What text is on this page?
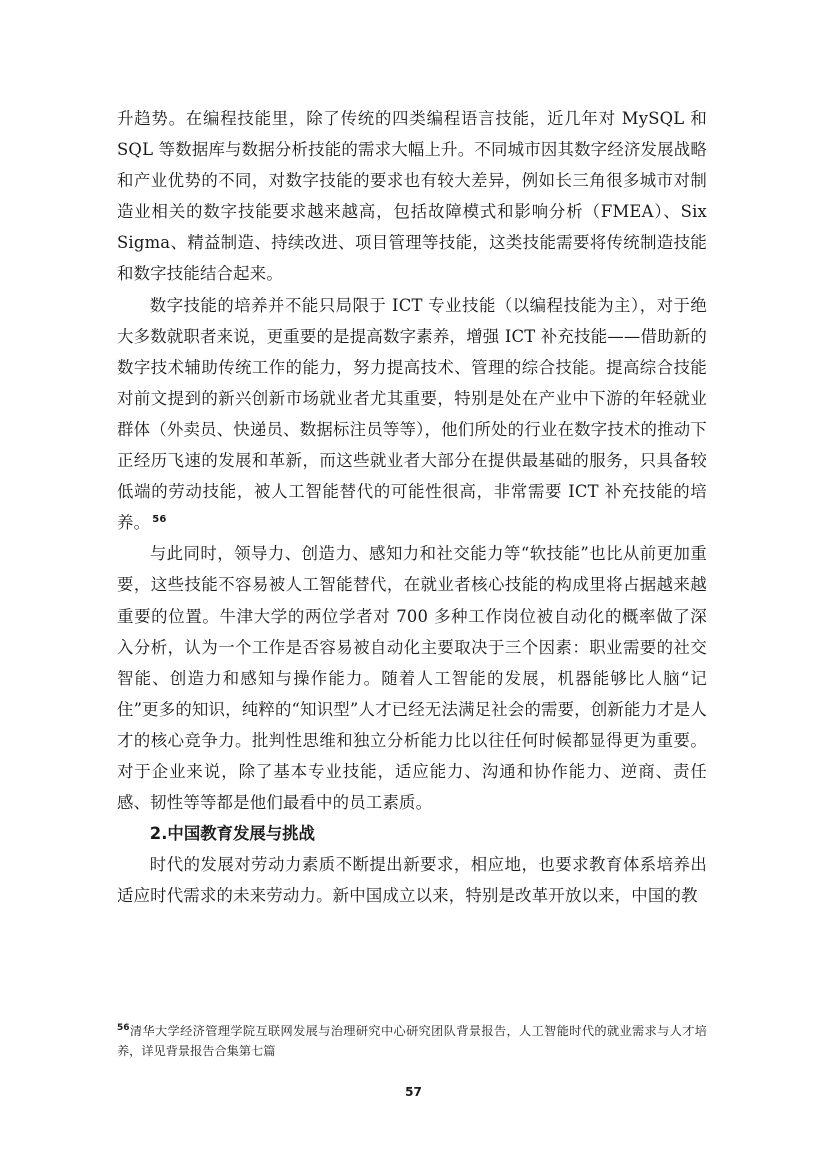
升趋势。在编程技能里，除了传统的四类编程语言技能，近几年对 MySQL 和 SQL 等数据库与数据分析技能的需求大幅上升。不同城市因其数字经济发展战略和产业优势的不同，对数字技能的要求也有较大差异，例如长三角很多城市对制造业相关的数字技能要求越来越高，包括故障模式和影响分析（FMEA）、Six Sigma、精益制造、持续改进、项目管理等技能，这类技能需要将传统制造技能和数字技能结合起来。

数字技能的培养并不能只局限于 ICT 专业技能（以编程技能为主），对于绝大多数就职者来说，更重要的是提高数字素养，增强 ICT 补充技能——借助新的数字技术辅助传统工作的能力，努力提高技术、管理的综合技能。提高综合技能对前文提到的新兴创新市场就业者尤其重要，特别是处在产业中下游的年轻就业群体（外卖员、快递员、数据标注员等等），他们所处的行业在数字技术的推动下正经历飞速的发展和革新，而这些就业者大部分在提供最基础的服务，只具备较低端的劳动技能，被人工智能替代的可能性很高，非常需要 ICT 补充技能的培养。 $^{56}$

与此同时，领导力、创造力、感知力和社交能力等“软技能”也比从前更加重要，这些技能不容易被人工智能替代，在就业者核心技能的构成里将占据越来越重要的位置。牛津大学的两位学者对 700 多种工作岗位被自动化的概率做了深入分析，认为一个工作是否容易被自动化主要取决于三个因素：职业需要的社交智能、创造力和感知与操作能力。随着人工智能的发展，机器能够比人脑“记住”更多的知识，纯粹的“知识型”人才已经无法满足社会的需要，创新能力才是人才的核心竞争力。批判性思维和独立分析能力比以往任何时候都显得更为重要。对于企业来说，除了基本专业技能，适应能力、沟通和协作能力、逆商、责任感、韧性等等都是他们最看中的员工素质。

2.中国教育发展与挑战

时代的发展对劳动力素质不断提出新要求，相应地，也要求教育体系培养出适应时代需求的未来劳动力。新中国成立以来，特别是改革开放以来，中国的教

$^{56}$清华大学经济管理学院互联网发展与治理研究中心研究团队背景报告，人工智能时代的就业需求与人才培养，详见背景报告合集第七篇
57
